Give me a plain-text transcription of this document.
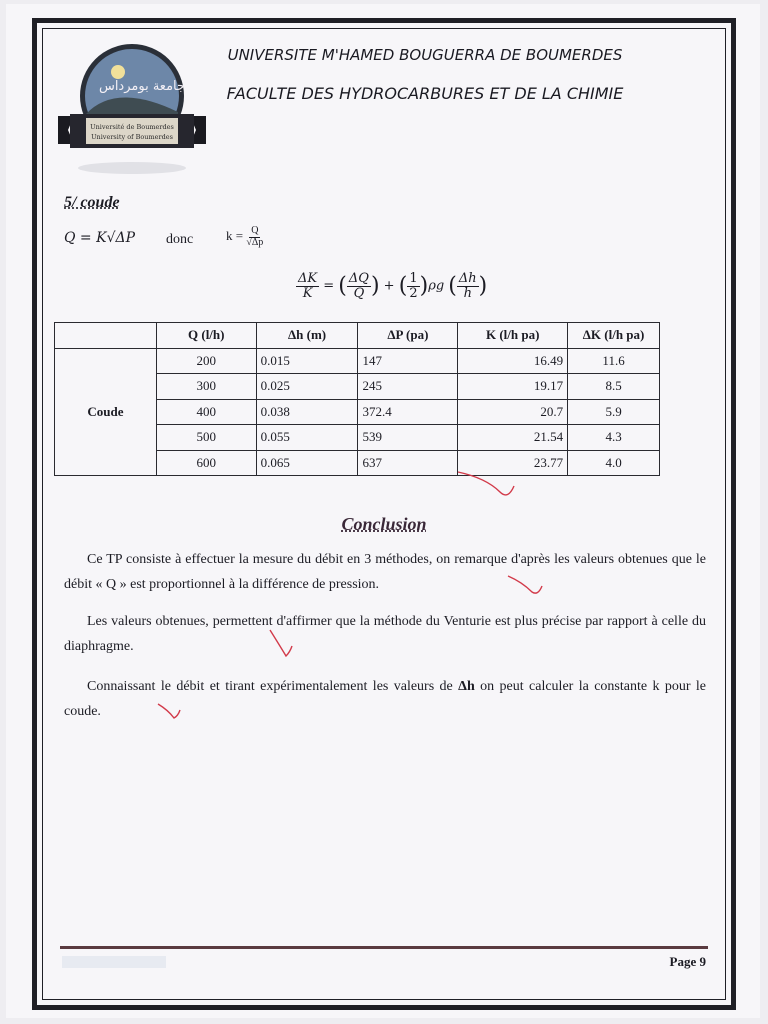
جامعة بومرداس
Université de Boumerdes
University of Boumerdes
UNIVERSITE M'HAMED BOUGUERRA DE BOUMERDES
FACULTE DES HYDROCARBURES ET DE LA CHIMIE
5/ coude
Q = K√ΔP donc	$k = \frac{Q}{√\Delta p}$
$\frac{\Delta K}{K}$ = ( $\frac{\Delta Q}{Q}$ ) + ( $\frac{1}{2} )\rho g$ ( $\frac{\Delta h}{h}$ )
	Q (l/h)	Δh (m)	ΔP (pa)	K (l/h pa)	ΔK (l/h pa)
Coude	200	0.015	147	16.49	11.6
	300	0.025	245	19.17	8.5
	400	0.038	372.4	20.7	5.9
	500	0.055	539	21.54	4.3
	600	0.065	637	23.77	4.0
Conclusion

Ce TP consiste à effectuer la mesure du débit en 3 méthodes, on remarque d'après les valeurs obtenues que le débit « Q » est proportionnel à la différence de pression.

Les valeurs obtenues, permettent d'affirmer que la méthode du Venturie est plus précise par rapport à celle du diaphragme.

Connaissant le débit et tirant expérimentalement les valeurs de Δh on peut calculer la constante k pour le coude.

Page 9
